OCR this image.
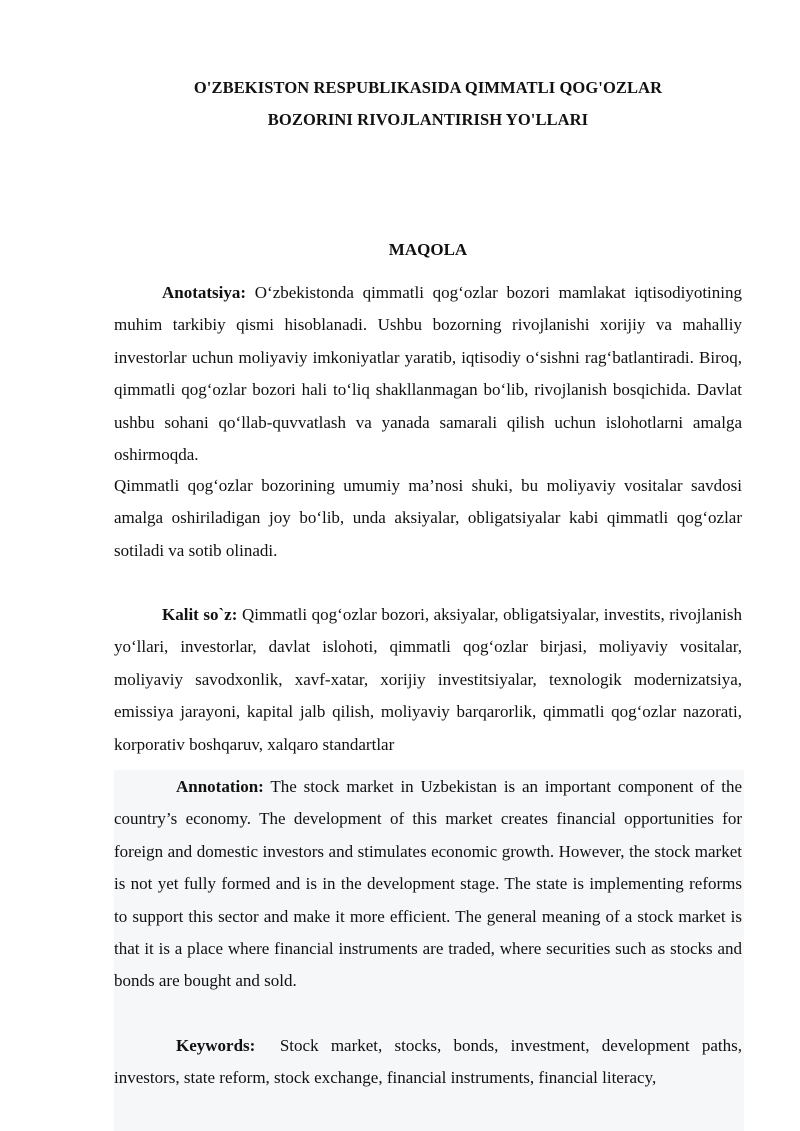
O'ZBEKISTON RESPUBLIKASIDA QIMMATLI QOG'OZLAR
BOZORINI RIVOJLANTIRISH YO'LLARI
MAQOLA
Anotatsiya: O‘zbekistonda qimmatli qog‘ozlar bozori mamlakat iqtisodiyotining muhim tarkibiy qismi hisoblanadi. Ushbu bozorning rivojlanishi xorijiy va mahalliy investorlar uchun moliyaviy imkoniyatlar yaratib, iqtisodiy o‘sishni rag‘batlantiradi. Biroq, qimmatli qog‘ozlar bozori hali to‘liq shakllanmagan bo‘lib, rivojlanish bosqichida. Davlat ushbu sohani qo‘llab-quvvatlash va yanada samarali qilish uchun islohotlarni amalga oshirmoqda.
Qimmatli qog‘ozlar bozorining umumiy ma’nosi shuki, bu moliyaviy vositalar savdosi amalga oshiriladigan joy bo‘lib, unda aksiyalar, obligatsiyalar kabi qimmatli qog‘ozlar sotiladi va sotib olinadi.
Kalit so`z: Qimmatli qog‘ozlar bozori, aksiyalar, obligatsiyalar, investits, rivojlanish yo‘llari, investorlar, davlat islohoti, qimmatli qog‘ozlar birjasi, moliyaviy vositalar, moliyaviy savodxonlik, xavf-xatar, xorijiy investitsiyalar, texnologik modernizatsiya, emissiya jarayoni, kapital jalb qilish, moliyaviy barqarorlik, qimmatli qog‘ozlar nazorati, korporativ boshqaruv, xalqaro standartlar
Annotation: The stock market in Uzbekistan is an important component of the country’s economy. The development of this market creates financial opportunities for foreign and domestic investors and stimulates economic growth. However, the stock market is not yet fully formed and is in the development stage. The state is implementing reforms to support this sector and make it more efficient. The general meaning of a stock market is that it is a place where financial instruments are traded, where securities such as stocks and bonds are bought and sold.
Keywords:  Stock market, stocks, bonds, investment, development paths, investors, state reform, stock exchange, financial instruments, financial literacy,
